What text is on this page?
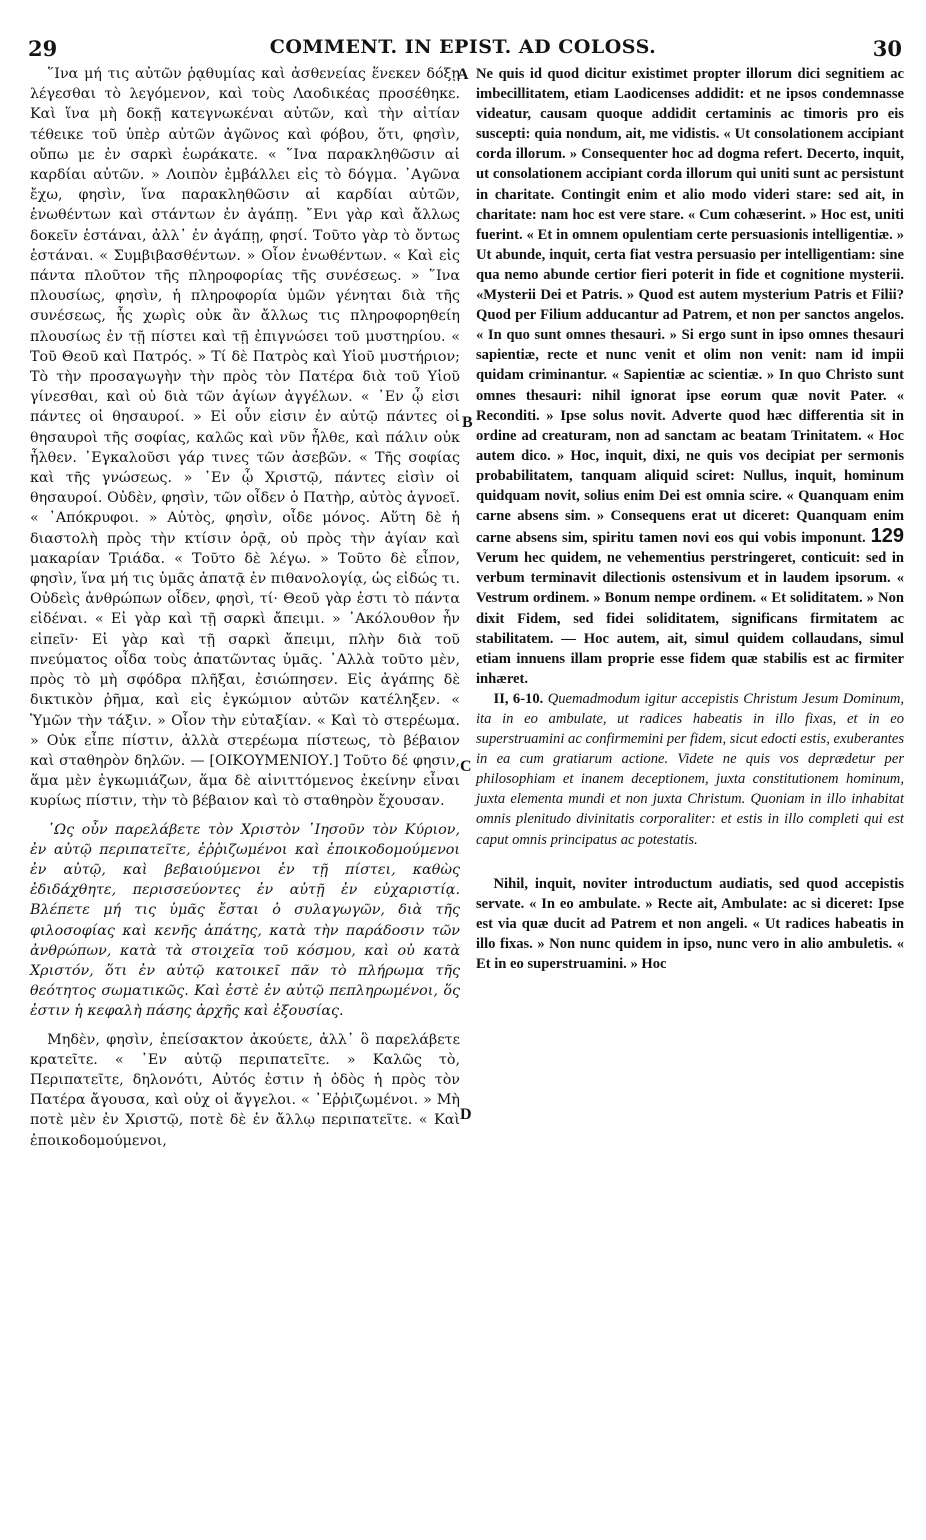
29	COMMENT. IN EPIST. AD COLOSS.	30

῞Ινα μή τις αὐτῶν ῥᾳθυμίας καὶ ἀσθενείας ἕνεκεν δόξῃ λέγεσθαι τὸ λεγόμενον, καὶ τοὺς Λαοδικέας προσέθηκε. Καὶ ἵνα μὴ δοκῇ κατεγνωκέναι αὐτῶν, καὶ τὴν αἰτίαν τέθεικε τοῦ ὑπὲρ αὐτῶν ἀγῶνος καὶ φόβου, ὅτι, φησὶν, οὔπω με ἐν σαρκὶ ἑωράκατε. « ῞Ινα παρακληθῶσιν αἱ καρδίαι αὐτῶν. » Λοιπὸν ἐμβάλλει εἰς τὸ δόγμα. ᾿Αγῶνα ἔχω, φησὶν, ἵνα παρακληθῶσιν αἱ καρδίαι αὐτῶν, ἑνωθέντων καὶ στάντων ἐν ἀγάπῃ. ῎Ενι γὰρ καὶ ἄλλως δοκεῖν ἑστάναι, ἀλλ᾽ ἐν ἀγάπῃ, φησί. Τοῦτο γὰρ τὸ ὄντως ἑστάναι. « Συμβιβασθέντων. » Οἷον ἑνωθέντων. « Καὶ εἰς πάντα πλοῦτον τῆς πληροφορίας τῆς συνέσεως. » ῞Ινα πλουσίως, φησὶν, ἡ πληροφορία ὑμῶν γένηται διὰ τῆς συνέσεως, ἧς χωρὶς οὐκ ἂν ἄλλως τις πληροφορηθείη πλουσίως ἐν τῇ πίστει καὶ τῇ ἐπιγνώσει τοῦ μυστηρίου. « Τοῦ Θεοῦ καὶ Πατρός. » Τί δὲ Πατρὸς καὶ Υἱοῦ μυστήριον; Τὸ τὴν προσαγωγὴν τὴν πρὸς τὸν Πατέρα διὰ τοῦ Υἱοῦ γίνεσθαι, καὶ οὐ διὰ τῶν ἁγίων ἀγγέλων. « ᾿Εν ᾧ εἰσι πάντες οἱ θησαυροί. » Εἰ οὖν εἰσιν ἐν αὐτῷ πάντες οἱ θησαυροὶ τῆς σοφίας, καλῶς καὶ νῦν ἦλθε, καὶ πάλιν οὐκ ἦλθεν. ᾿Εγκαλοῦσι γάρ τινες τῶν ἀσεβῶν. « Τῆς σοφίας καὶ τῆς γνώσεως. » ᾿Εν ᾧ Χριστῷ, πάντες εἰσὶν οἱ θησαυροί. Οὐδὲν, φησὶν, τῶν οἶδεν ὁ Πατὴρ, αὐτὸς ἀγνοεῖ. « ᾿Απόκρυφοι. » Αὐτὸς, φησὶν, οἶδε μόνος. Αὕτη δὲ ἡ διαστολὴ πρὸς τὴν κτίσιν ὁρᾷ, οὐ πρὸς τὴν ἁγίαν καὶ μακαρίαν Τριάδα. « Τοῦτο δὲ λέγω. » Τοῦτο δὲ εἶπον, φησὶν, ἵνα μή τις ὑμᾶς ἀπατᾷ ἐν πιθανολογίᾳ, ὡς εἰδώς τι. Οὐδεὶς ἀνθρώπων οἶδεν, φησὶ, τί· Θεοῦ γὰρ ἐστι τὸ πάντα εἰδέναι. « Εἰ γὰρ καὶ τῇ σαρκὶ ἄπειμι. » ᾿Ακόλουθον ἦν εἰπεῖν· Εἰ γὰρ καὶ τῇ σαρκὶ ἄπειμι, πλὴν διὰ τοῦ πνεύματος οἶδα τοὺς ἀπατῶντας ὑμᾶς. ᾿Αλλὰ τοῦτο μὲν, πρὸς τὸ μὴ σφόδρα πλῆξαι, ἐσιώπησεν. Εἰς ἀγάπης δὲ δικτικὸν ῥῆμα, καὶ εἰς ἐγκώμιον αὐτῶν κατέληξεν. « Ὑμῶν τὴν τάξιν. » Οἷον τὴν εὐταξίαν. « Καὶ τὸ στερέωμα. » Οὐκ εἶπε πίστιν, ἀλλὰ στερέωμα πίστεως, τὸ βέβαιον καὶ σταθηρὸν δηλῶν. — [ΟΙΚΟΥΜΕΝΙΟΥ.] Τοῦτο δέ φησιν, ἅμα μὲν ἐγκωμιάζων, ἅμα δὲ αἰνιττόμενος ἐκείνην εἶναι κυρίως πίστιν, τὴν τὸ βέβαιον καὶ τὸ σταθηρὸν ἔχουσαν.

῾Ως οὖν παρελάβετε τὸν Χριστὸν ᾿Ιησοῦν τὸν Κύριον, ἐν αὐτῷ περιπατεῖτε, ἐῤῥιζωμένοι καὶ ἐποικοδομούμενοι ἐν αὐτῷ, καὶ βεβαιούμενοι ἐν τῇ πίστει, καθὼς ἐδιδάχθητε, περισσεύοντες ἐν αὐτῇ ἐν εὐχαριστίᾳ. Βλέπετε μή τις ὑμᾶς ἔσται ὁ συλαγωγῶν, διὰ τῆς φιλοσοφίας καὶ κενῆς ἀπάτης, κατὰ τὴν παράδοσιν τῶν ἀνθρώπων, κατὰ τὰ στοιχεῖα τοῦ κόσμου, καὶ οὐ κατὰ Χριστόν, ὅτι ἐν αὐτῷ κατοικεῖ πᾶν τὸ πλήρωμα τῆς θεότητος σωματικῶς. Καὶ ἐστὲ ἐν αὐτῷ πεπληρωμένοι, ὅς ἐστιν ἡ κεφαλὴ πάσης ἀρχῆς καὶ ἐξουσίας.

Μηδὲν, φησὶν, ἐπείσακτον ἀκούετε, ἀλλ᾽ ὃ παρελάβετε κρατεῖτε. « ᾿Εν αὐτῷ περιπατεῖτε. » Καλῶς τὸ, Περιπατεῖτε, δηλονότι, Αὐτός ἐστιν ἡ ὁδὸς ἡ πρὸς τὸν Πατέρα ἄγουσα, καὶ οὐχ οἱ ἄγγελοι. « ᾿Εῤῥιζωμένοι. » Μὴ ποτὲ μὲν ἐν Χριστῷ, ποτὲ δὲ ἐν ἄλλῳ περιπατεῖτε. « Καὶ ἐποικοδομούμενοι,

Ne quis id quod dicitur existimet propter illorum dici segnitiem ac imbecillitatem, etiam Laodicenses addidit: et ne ipsos condemnasse videatur, causam quoque addidit certaminis ac timoris pro eis suscepti: quia nondum, ait, me vidistis. « Ut consolationem accipiant corda illorum. » Consequenter hoc ad dogma refert. Decerto, inquit, ut consolationem accipiant corda illorum qui uniti sunt ac persistunt in charitate. Contingit enim et alio modo videri stare: sed ait, in charitate: nam hoc est vere stare. « Cum cohæserint. » Hoc est, uniti fuerint. « Et in omnem opulentiam certe persuasionis intelligentiæ. » Ut abunde, inquit, certa fiat vestra persuasio per intelligentiam: sine qua nemo abunde certior fieri poterit in fide et cognitione mysterii. «Mysterii Dei et Patris. » Quod est autem mysterium Patris et Filii? Quod per Filium adducantur ad Patrem, et non per sanctos angelos. « In quo sunt omnes thesauri. » Si ergo sunt in ipso omnes thesauri sapientiæ, recte et nunc venit et olim non venit: nam id impii quidam criminantur. « Sapientiæ ac scientiæ. » In quo Christo sunt omnes thesauri: nihil ignorat ipse eorum quæ novit Pater. « Reconditi. » Ipse solus novit. Adverte quod hæc differentia sit in ordine ad creaturam, non ad sanctam ac beatam Trinitatem. « Hoc autem dico. » Hoc, inquit, dixi, ne quis vos decipiat per sermonis probabilitatem, tanquam aliquid sciret: Nullus, inquit, hominum quidquam novit, solius enim Dei est omnia scire. « Quanquam enim carne absens sim. » Consequens erat ut diceret: Quanquam enim carne absens sim, spiritu tamen novi eos qui vobis imponunt. 129 Verum hec quidem, ne vehementius perstringeret, conticuit: sed in verbum terminavit dilectionis ostensivum et in laudem ipsorum. « Vestrum ordinem. » Bonum nempe ordinem. « Et soliditatem. » Non dixit Fidem, sed fidei soliditatem, significans firmitatem ac stabilitatem. — Hoc autem, ait, simul quidem collaudans, simul etiam innuens illam proprie esse fidem quæ stabilis est ac firmiter inhæret.

II, 6-10. Quemadmodum igitur accepistis Christum Jesum Dominum, ita in eo ambulate, ut radices habeatis in illo fixas, et in eo superstruamini ac confirmemini per fidem, sicut edocti estis, exuberantes in ea cum gratiarum actione. Videte ne quis vos deprædetur per philosophiam et inanem deceptionem, juxta constitutionem hominum, juxta elementa mundi et non juxta Christum. Quoniam in illo inhabitat omnis plenitudo divinitatis corporaliter: et estis in illo completi qui est caput omnis principatus ac potestatis.

Nihil, inquit, noviter introductum audiatis, sed quod accepistis servate. « In eo ambulate. » Recte ait, Ambulate: ac si diceret: Ipse est via quæ ducit ad Patrem et non angeli. « Ut radices habeatis in illo fixas. » Non nunc quidem in ipso, nunc vero in alio ambuletis. « Et in eo superstruamini. » Hoc

A
B
C
D
